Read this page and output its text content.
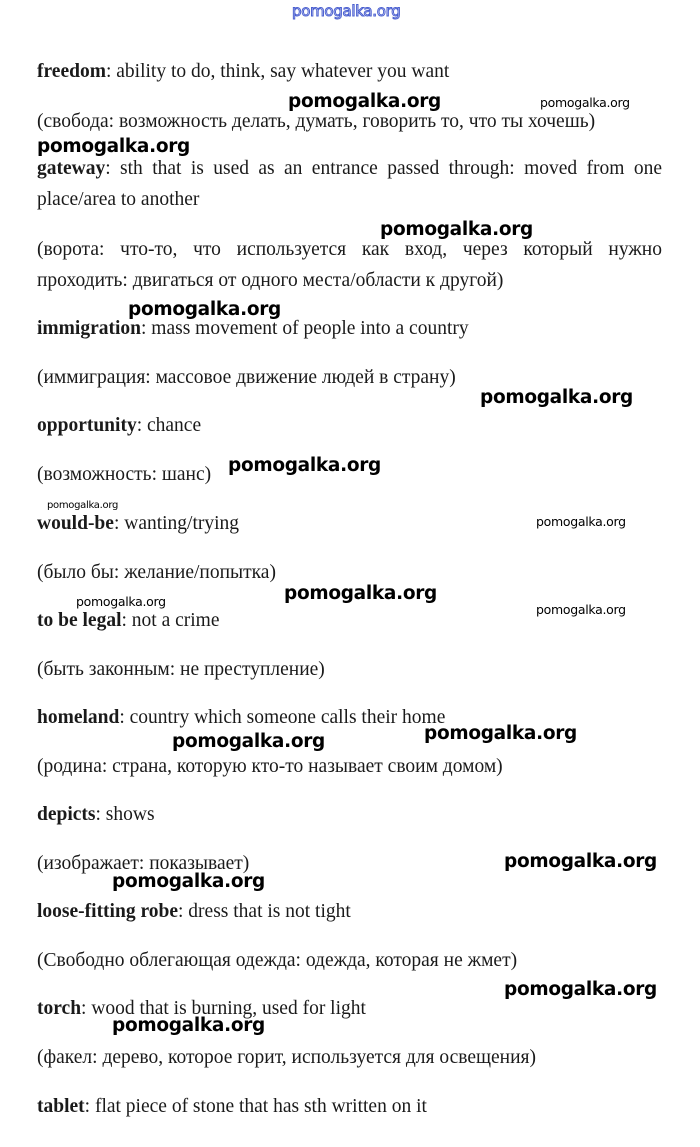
pomogalka.org
freedom: ability to do, think, say whatever you want
(свобода: возможность делать, думать, говорить то, что ты хочешь)
gateway: sth that is used as an entrance passed through: moved from one place/area to another
(ворота: что-то, что используется как вход, через который нужно проходить: двигаться от одного места/области к другой)
immigration: mass movement of people into a country
(иммиграция: массовое движение людей в страну)
opportunity: chance
(возможность: шанс)
would-be: wanting/trying
(было бы: желание/попытка)
to be legal: not a crime
(быть законным: не преступление)
homeland: country which someone calls their home
(родина: страна, которую кто-то называет своим домом)
depicts: shows
(изображает: показывает)
loose-fitting robe: dress that is not tight
(Свободно облегающая одежда: одежда, которая не жмет)
torch: wood that is burning, used for light
(факел: дерево, которое горит, используется для освещения)
tablet: flat piece of stone that has sth written on it
pomogalka.org	pomogalka.org
pomogalka.org
pomogalka.org
pomogalka.org
pomogalka.org
pomogalka.org
pomogalka.org
pomogalka.org
pomogalka.org
pomogalka.org
pomogalka.org
pomogalka.org
pomogalka.org
pomogalka.org
pomogalka.org
pomogalka.org
pomogalka.org
